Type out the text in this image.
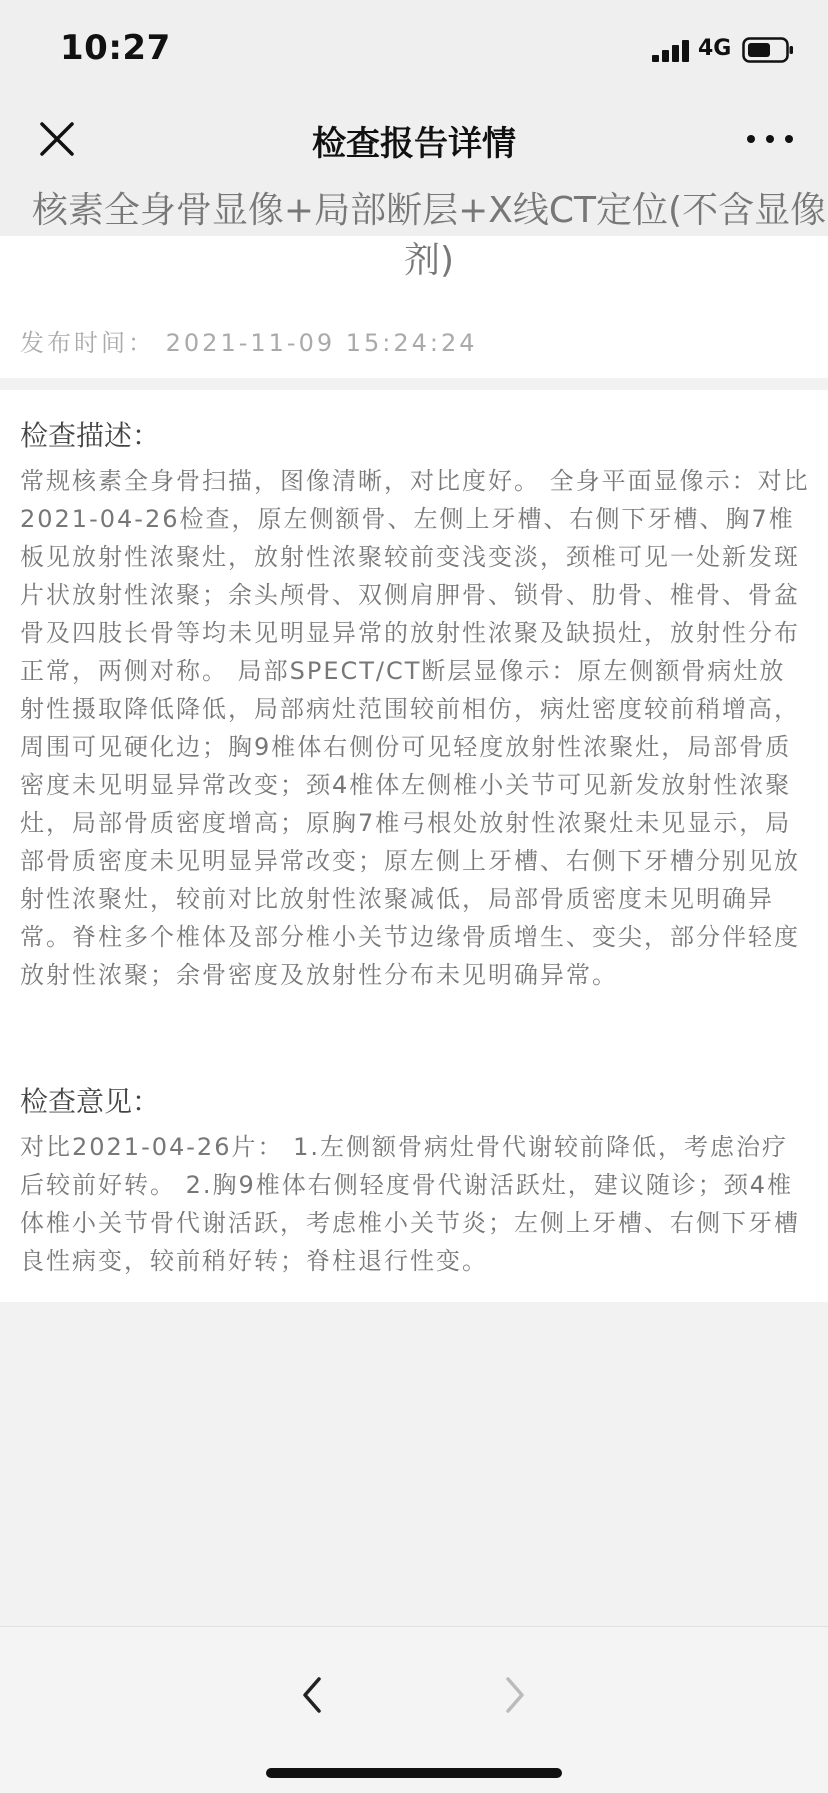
10:27	4G
检查报告详情
核素全身骨显像+局部断层+X线CT定位(不含显像剂)
发布时间： 2021-11-09 15:24:24
检查描述：
常规核素全身骨扫描，图像清晰，对比度好。 全身平面显像示：对比2021-04-26检查，原左侧额骨、左侧上牙槽、右侧下牙槽、胸7椎板见放射性浓聚灶，放射性浓聚较前变浅变淡，颈椎可见一处新发斑片状放射性浓聚；余头颅骨、双侧肩胛骨、锁骨、肋骨、椎骨、骨盆骨及四肢长骨等均未见明显异常的放射性浓聚及缺损灶，放射性分布正常，两侧对称。 局部SPECT/CT断层显像示：原左侧额骨病灶放射性摄取降低降低，局部病灶范围较前相仿，病灶密度较前稍增高，周围可见硬化边；胸9椎体右侧份可见轻度放射性浓聚灶，局部骨质密度未见明显异常改变；颈4椎体左侧椎小关节可见新发放射性浓聚灶，局部骨质密度增高；原胸7椎弓根处放射性浓聚灶未见显示，局部骨质密度未见明显异常改变；原左侧上牙槽、右侧下牙槽分别见放射性浓聚灶，较前对比放射性浓聚减低，局部骨质密度未见明确异常。脊柱多个椎体及部分椎小关节边缘骨质增生、变尖，部分伴轻度放射性浓聚；余骨密度及放射性分布未见明确异常。
检查意见：
对比2021-04-26片： 1.左侧额骨病灶骨代谢较前降低，考虑治疗后较前好转。 2.胸9椎体右侧轻度骨代谢活跃灶，建议随诊；颈4椎体椎小关节骨代谢活跃，考虑椎小关节炎；左侧上牙槽、右侧下牙槽良性病变，较前稍好转；脊柱退行性变。
